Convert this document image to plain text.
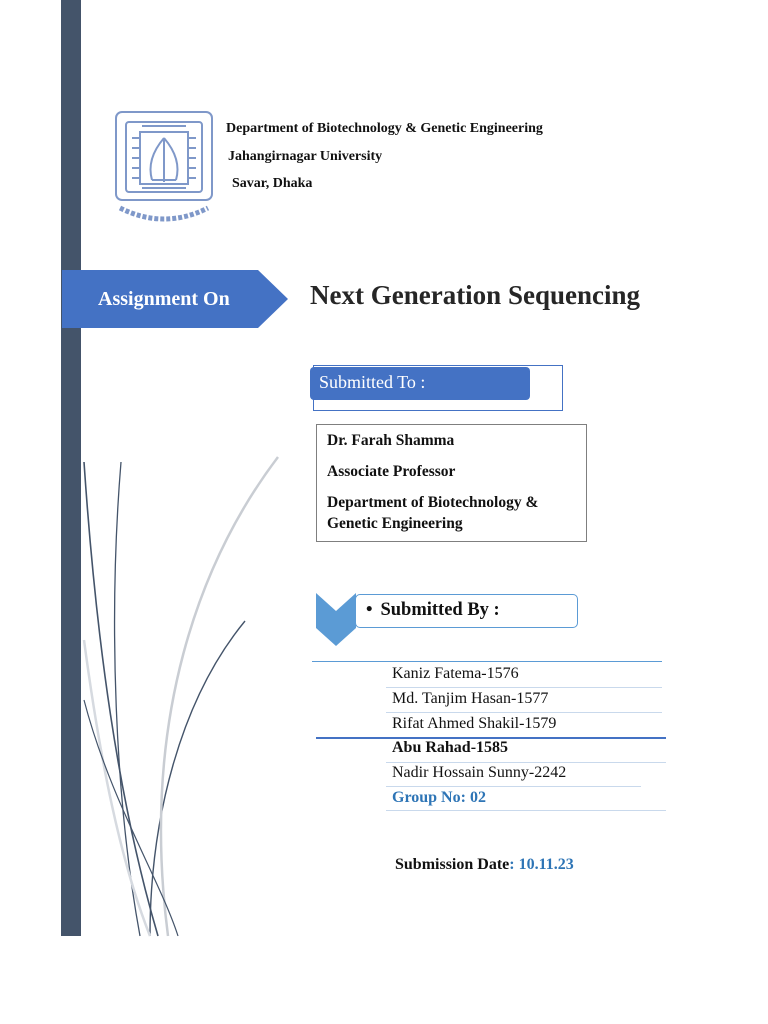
Department of Biotechnology & Genetic Engineering
Jahangirnagar University
Savar, Dhaka
Assignment On	Next Generation Sequencing
Submitted To :
Dr. Farah Shamma
Associate Professor
Department of Biotechnology & Genetic Engineering
• Submitted By :
Kaniz Fatema-1576
Md. Tanjim Hasan-1577
Rifat Ahmed Shakil-1579
Abu Rahad-1585
Nadir Hossain Sunny-2242
Group No: 02
Submission Date: 10.11.23
